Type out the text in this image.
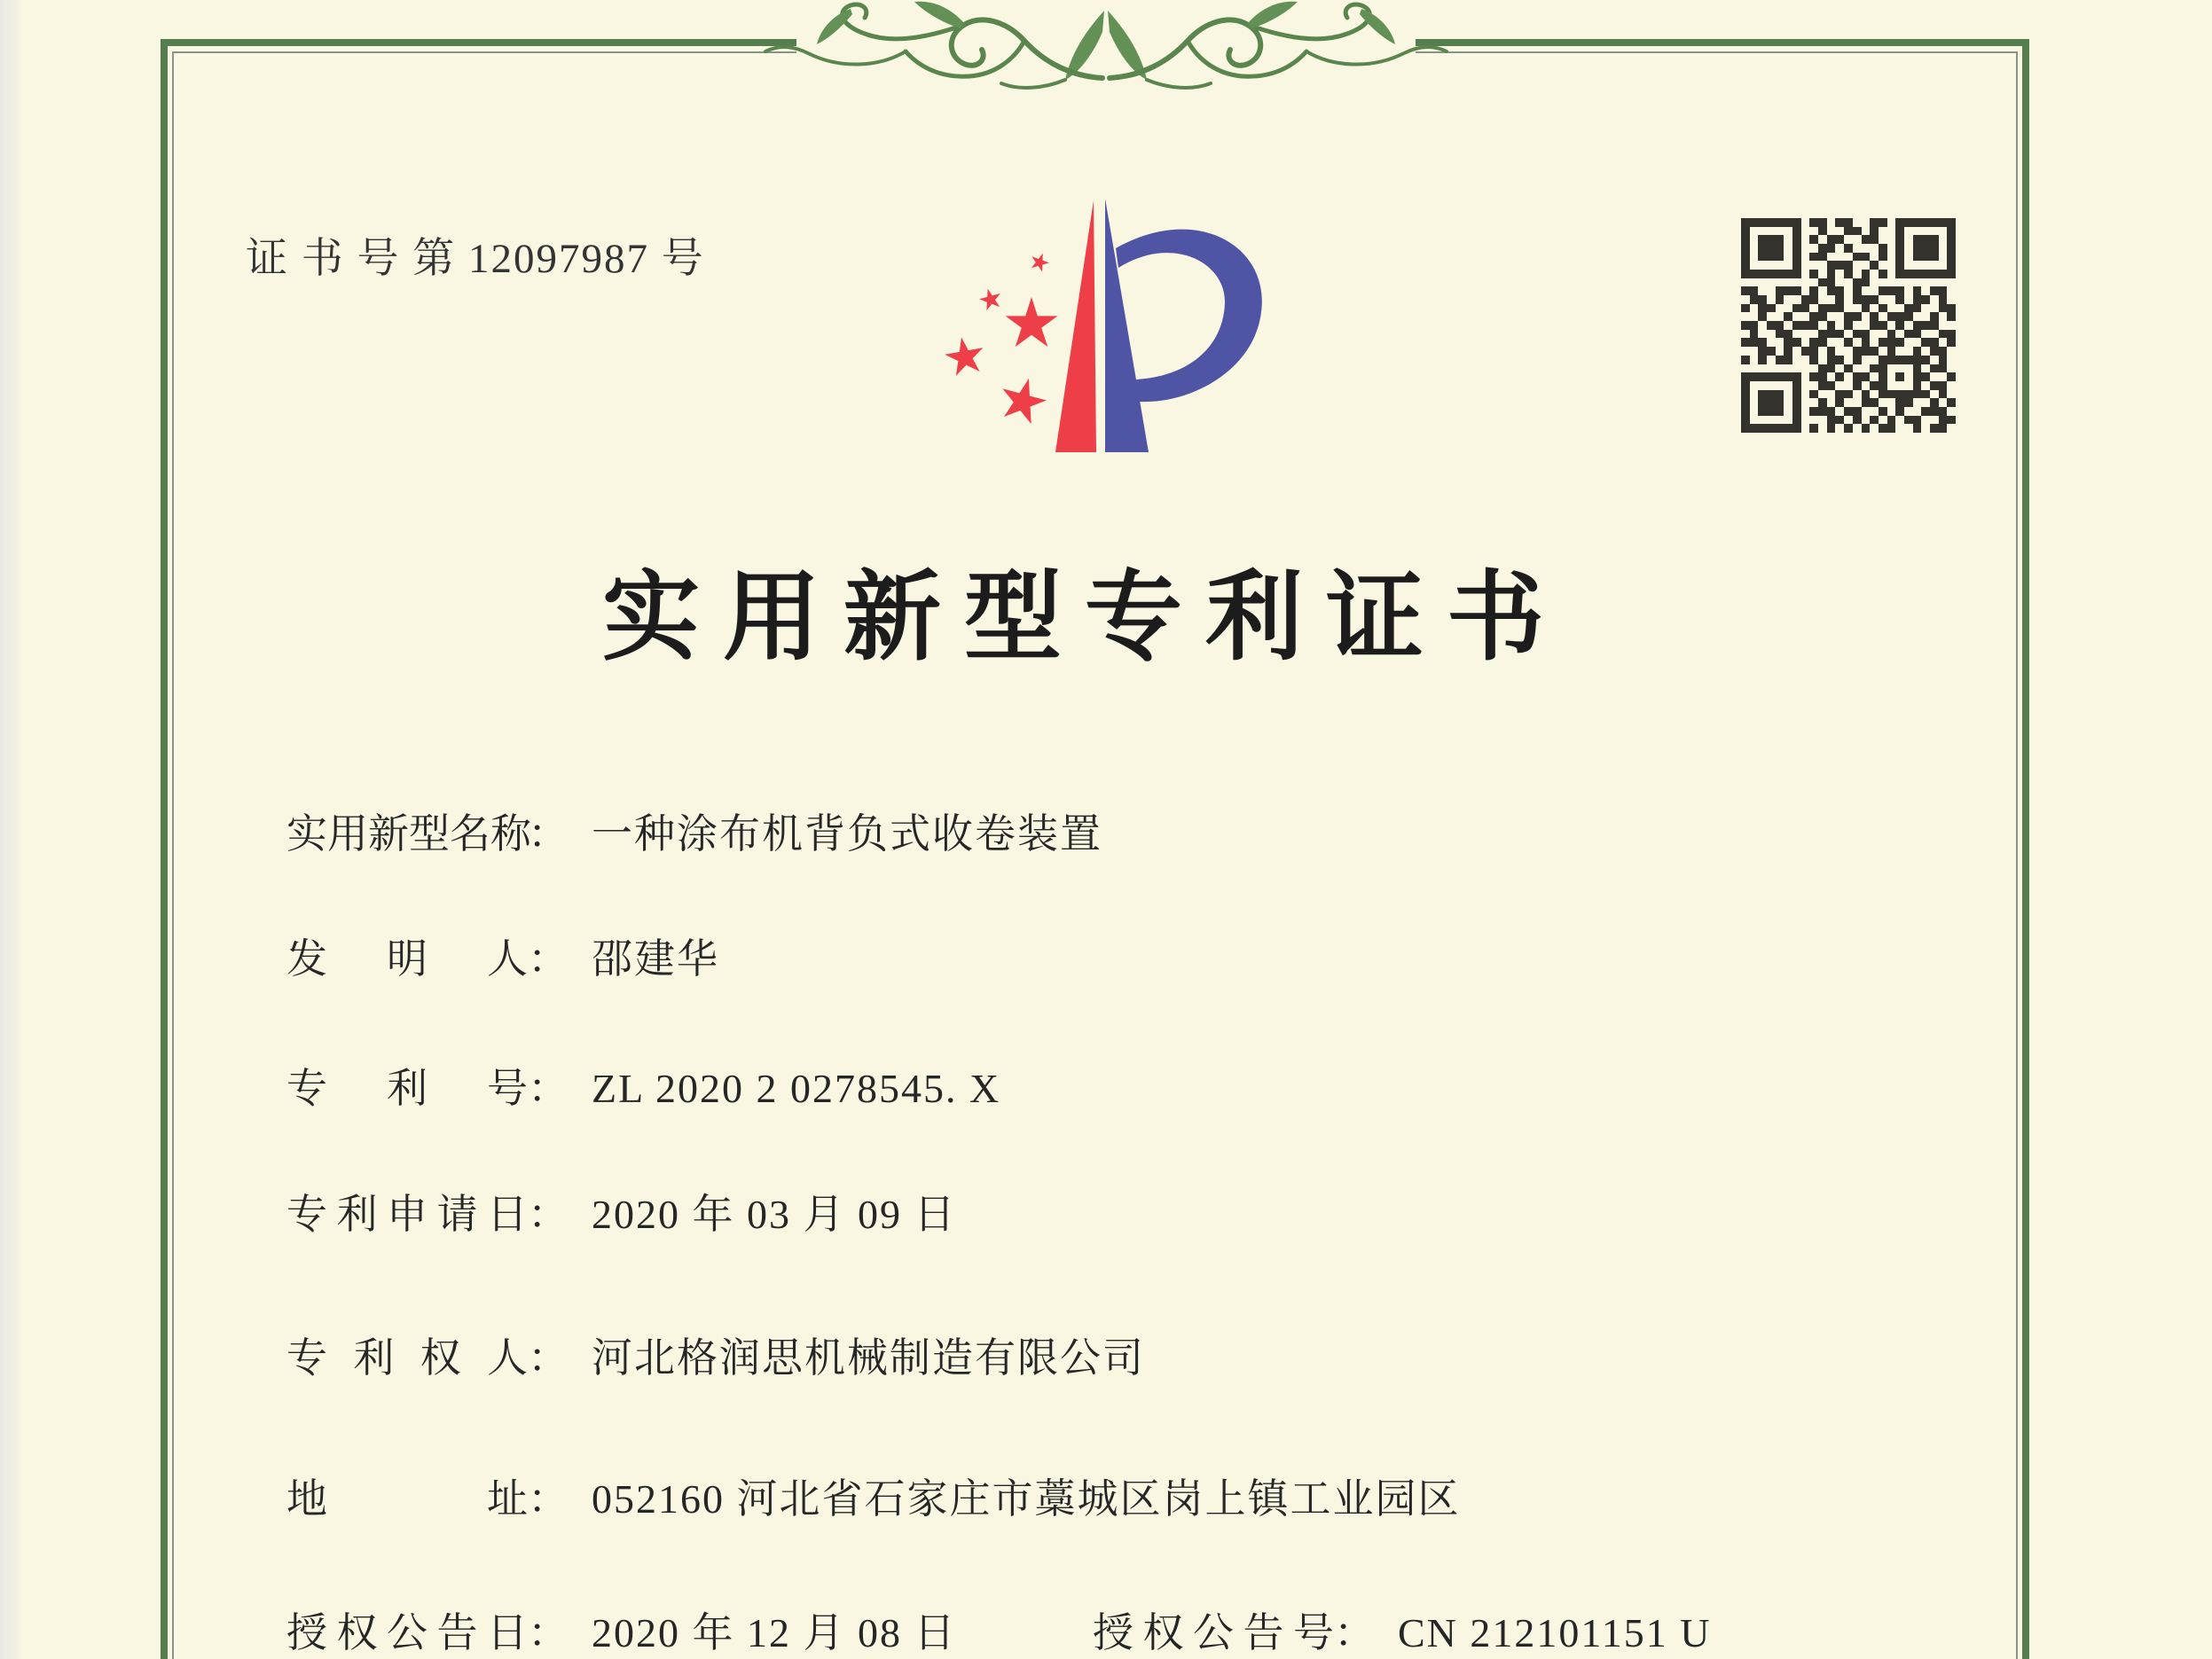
证 书 号 第 12097987 号
实用新型专利证书
实用新型名称： 一种涂布机背负式收卷装置
发明人： 邵建华
专利号： ZL 2020 2 0278545. X
专利申请日： 2020 年 03 月 09 日
专利权人： 河北格润思机械制造有限公司
地址： 052160 河北省石家庄市藁城区岗上镇工业园区
授权公告日： 2020 年 12 月 08 日	授权公告号： CN 212101151 U
